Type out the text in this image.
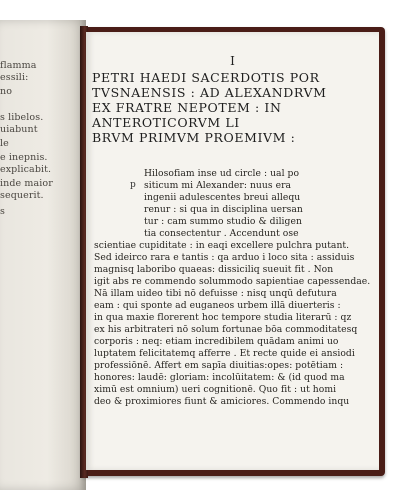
flamma
essili:
no
s libelos.
uiabunt
le
e inepnis.
explicabit.
inde maior
sequerit.
s
I
PETRI HAEDI SACERDOTIS POR
TVSNAENSIS : AD ALEXANDRVM
EX FRATRE NEPOTEM : IN
ANTEROTICORVM LI
BRVM PRIMVM PROEMIVM :
p
Hilosofiam inse ud circle : ual po
siticum mi Alexander: nuus era
ingenii adulescentes breui allequ
renur : si qua in disciplina uersan
tur : cam summo studio & diligen
tia consectentur . Accendunt ose
scientiae cupiditate : in eaqi excellere pulchra putant.
Sed ideirco rara e tantis : qa arduo i loco sita : assiduis
magnisq laboribo quaeas: dissiciliq sueuit fit . Non
igit abs re commendo solummodo sapientiae capessendae.
Nā illam uideo tibi nō defuisse : nisq unqū defutura
eam : qui sponte ad euganeos urbem illā diuerteris :
in qua maxie florerent hoc tempore studia literarū : qz
ex his arbitrateri nō solum fortunae bōa commoditatesq
corporis : neq: etiam incredibilem quādam animi uo
luptatem felicitatemq afferre . Et recte quide ei ansiodi
professiōnē. Affert em sapīa diuitias:opes: potētiam :
honores: laudē: gloriam: incolūitatem: & (id quod ma
ximū est omnium) ueri cognitionē. Quo fit : ut homi
deo & proximiores fiunt & amiciores. Commendo inqu
